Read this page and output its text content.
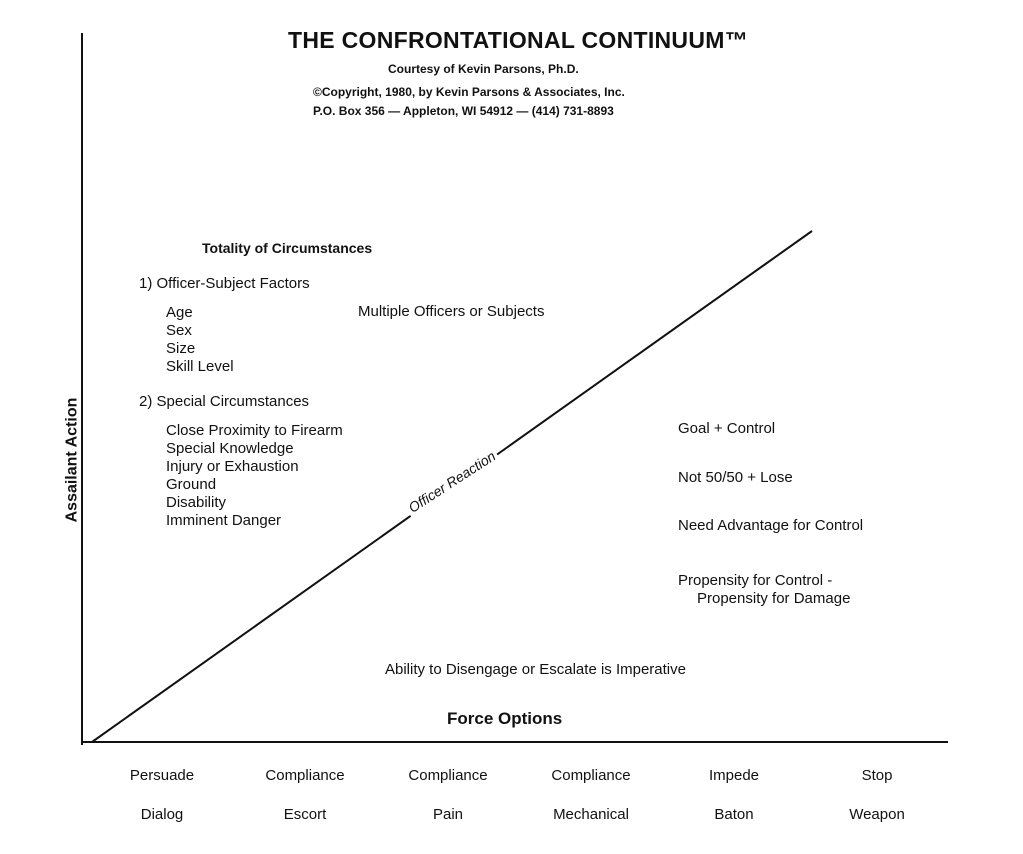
THE CONFRONTATIONAL CONTINUUM™
Courtesy of Kevin Parsons, Ph.D.
©Copyright, 1980, by Kevin Parsons & Associates, Inc.
P.O. Box 356 — Appleton, WI 54912 — (414) 731-8893
Assailant Action	Officer Reaction
Totality of Circumstances
1) Officer-Subject Factors
Age
Sex
Size
Skill Level
Multiple Officers or Subjects
2) Special Circumstances
Close Proximity to Firearm
Special Knowledge
Injury or Exhaustion
Ground
Disability
Imminent Danger
Goal + Control
Not 50/50 + Lose
Need Advantage for Control
Propensity for Control -
Propensity for Damage
Ability to Disengage or Escalate is Imperative
Force Options
Persuade	Compliance	Compliance	Compliance	Impede	Stop
Dialog	Escort	Pain	Mechanical	Baton	Weapon
